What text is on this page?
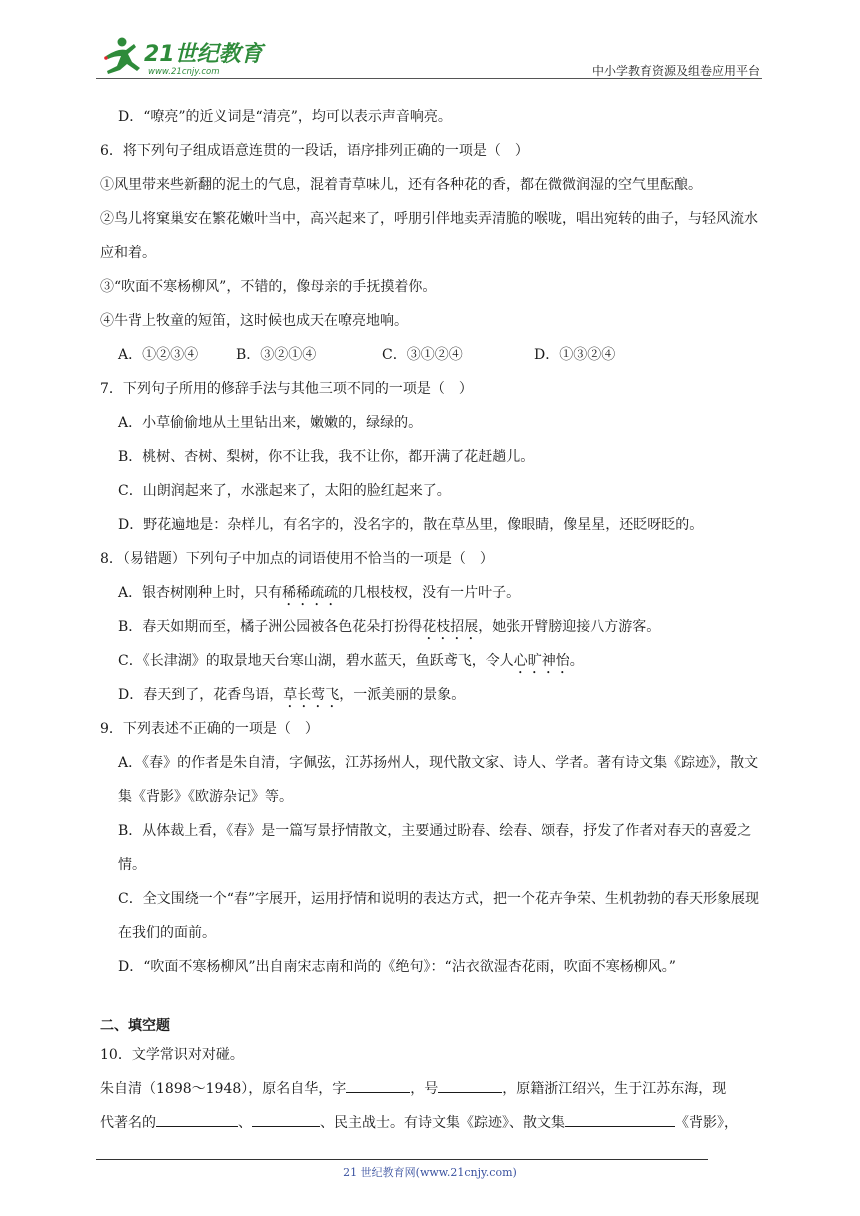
21世纪教育
www.21cnjy.com	中小学教育资源及组卷应用平台
D．“嘹亮”的近义词是“清亮”，均可以表示声音响亮。
6．将下列句子组成语意连贯的一段话，语序排列正确的一项是（　）
①风里带来些新翻的泥土的气息，混着青草味儿，还有各种花的香，都在微微润湿的空气里酝酿。
②鸟儿将窠巢安在繁花嫩叶当中，高兴起来了，呼朋引伴地卖弄清脆的喉咙，唱出宛转的曲子，与轻风流水应和着。
③“吹面不寒杨柳风”，不错的，像母亲的手抚摸着你。
④牛背上牧童的短笛，这时候也成天在嘹亮地响。
A．①②③④	B．③②①④	C．③①②④	D．①③②④
7．下列句子所用的修辞手法与其他三项不同的一项是（　）
A．小草偷偷地从土里钻出来，嫩嫩的，绿绿的。
B．桃树、杏树、梨树，你不让我，我不让你，都开满了花赶趟儿。
C．山朗润起来了，水涨起来了，太阳的脸红起来了。
D．野花遍地是：杂样儿，有名字的，没名字的，散在草丛里，像眼睛，像星星，还眨呀眨的。
8．（易错题）下列句子中加点的词语使用不恰当的一项是（　）
A．银杏树刚种上时，只有稀稀疏疏的几根枝杈，没有一片叶子。
B．春天如期而至，橘子洲公园被各色花朵打扮得花枝招展，她张开臂膀迎接八方游客。
C．《长津湖》的取景地天台寒山湖，碧水蓝天，鱼跃鸢飞，令人心旷神怡。
D．春天到了，花香鸟语，草长莺飞，一派美丽的景象。
9．下列表述不正确的一项是（　）
A．《春》的作者是朱自清，字佩弦，江苏扬州人，现代散文家、诗人、学者。著有诗文集《踪迹》，散文集《背影》《欧游杂记》等。
B．从体裁上看，《春》是一篇写景抒情散文，主要通过盼春、绘春、颂春，抒发了作者对春天的喜爱之情。
C．全文围绕一个“春”字展开，运用抒情和说明的表达方式，把一个花卉争荣、生机勃勃的春天形象展现在我们的面前。
D．“吹面不寒杨柳风”出自南宋志南和尚的《绝句》：“沾衣欲湿杏花雨，吹面不寒杨柳风。”
二、填空题
10．文学常识对对碰。
朱自清（1898～1948），原名自华，字	，号	，原籍浙江绍兴，生于江苏东海，现
代著名的	、	、民主战士。有诗文集《踪迹》、散文集	《背影》，
21 世纪教育网(www.21cnjy.com)
